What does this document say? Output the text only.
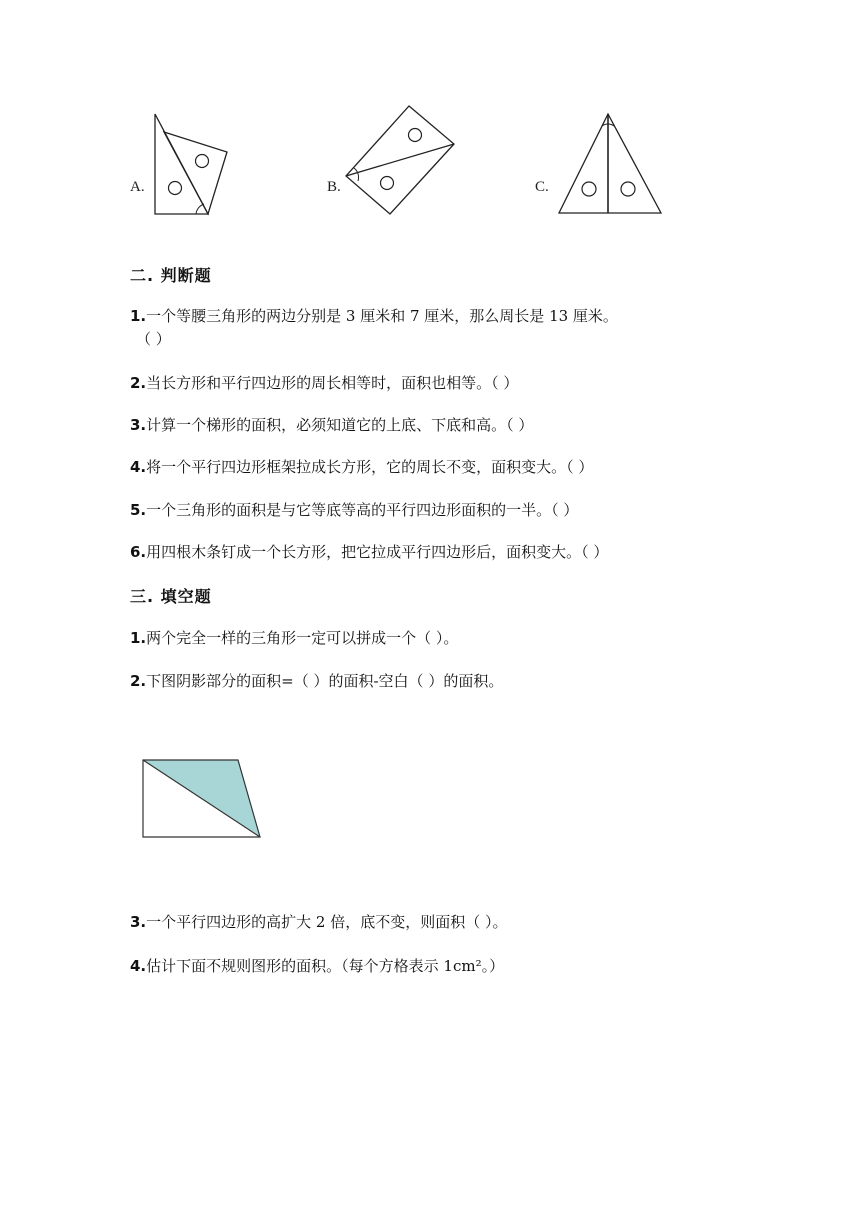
A.	B.	C.
二. 判断题
1.一个等腰三角形的两边分别是 3 厘米和 7 厘米，那么周长是 13 厘米。
（ ）
2.当长方形和平行四边形的周长相等时，面积也相等。（ ）
3.计算一个梯形的面积，必须知道它的上底、下底和高。（ ）
4.将一个平行四边形框架拉成长方形，它的周长不变，面积变大。（ ）
5.一个三角形的面积是与它等底等高的平行四边形面积的一半。（ ）
6.用四根木条钉成一个长方形，把它拉成平行四边形后，面积变大。（ ）
三. 填空题
1.两个完全一样的三角形一定可以拼成一个（ ）。
2.下图阴影部分的面积=（ ）的面积-空白（ ）的面积。
3.一个平行四边形的高扩大 2 倍，底不变，则面积（ ）。
4.估计下面不规则图形的面积。（每个方格表示 1cm²。）
